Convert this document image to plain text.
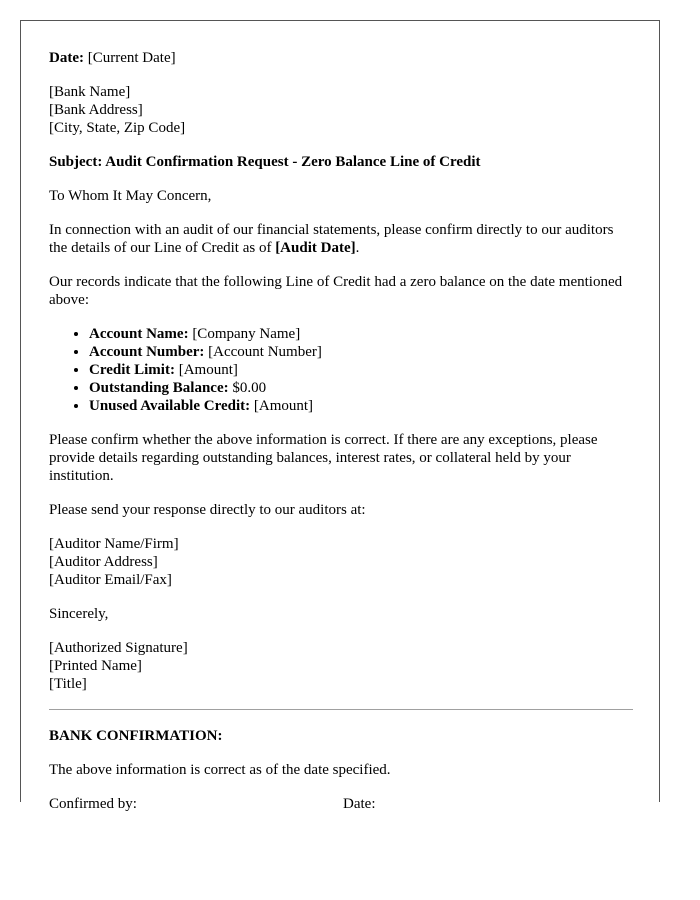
Date: [Current Date]

[Bank Name]
[Bank Address]
[City, State, Zip Code]

Subject: Audit Confirmation Request - Zero Balance Line of Credit

To Whom It May Concern,

In connection with an audit of our financial statements, please confirm directly to our auditors the details of our Line of Credit as of [Audit Date].

Our records indicate that the following Line of Credit had a zero balance on the date mentioned above:

• Account Name: [Company Name]
• Account Number: [Account Number]
• Credit Limit: [Amount]
• Outstanding Balance: $0.00
• Unused Available Credit: [Amount]

Please confirm whether the above information is correct. If there are any exceptions, please provide details regarding outstanding balances, interest rates, or collateral held by your institution.

Please send your response directly to our auditors at:

[Auditor Name/Firm]
[Auditor Address]
[Auditor Email/Fax]

Sincerely,

[Authorized Signature]
[Printed Name]
[Title]

BANK CONFIRMATION:

The above information is correct as of the date specified.

Confirmed by:	Date:
